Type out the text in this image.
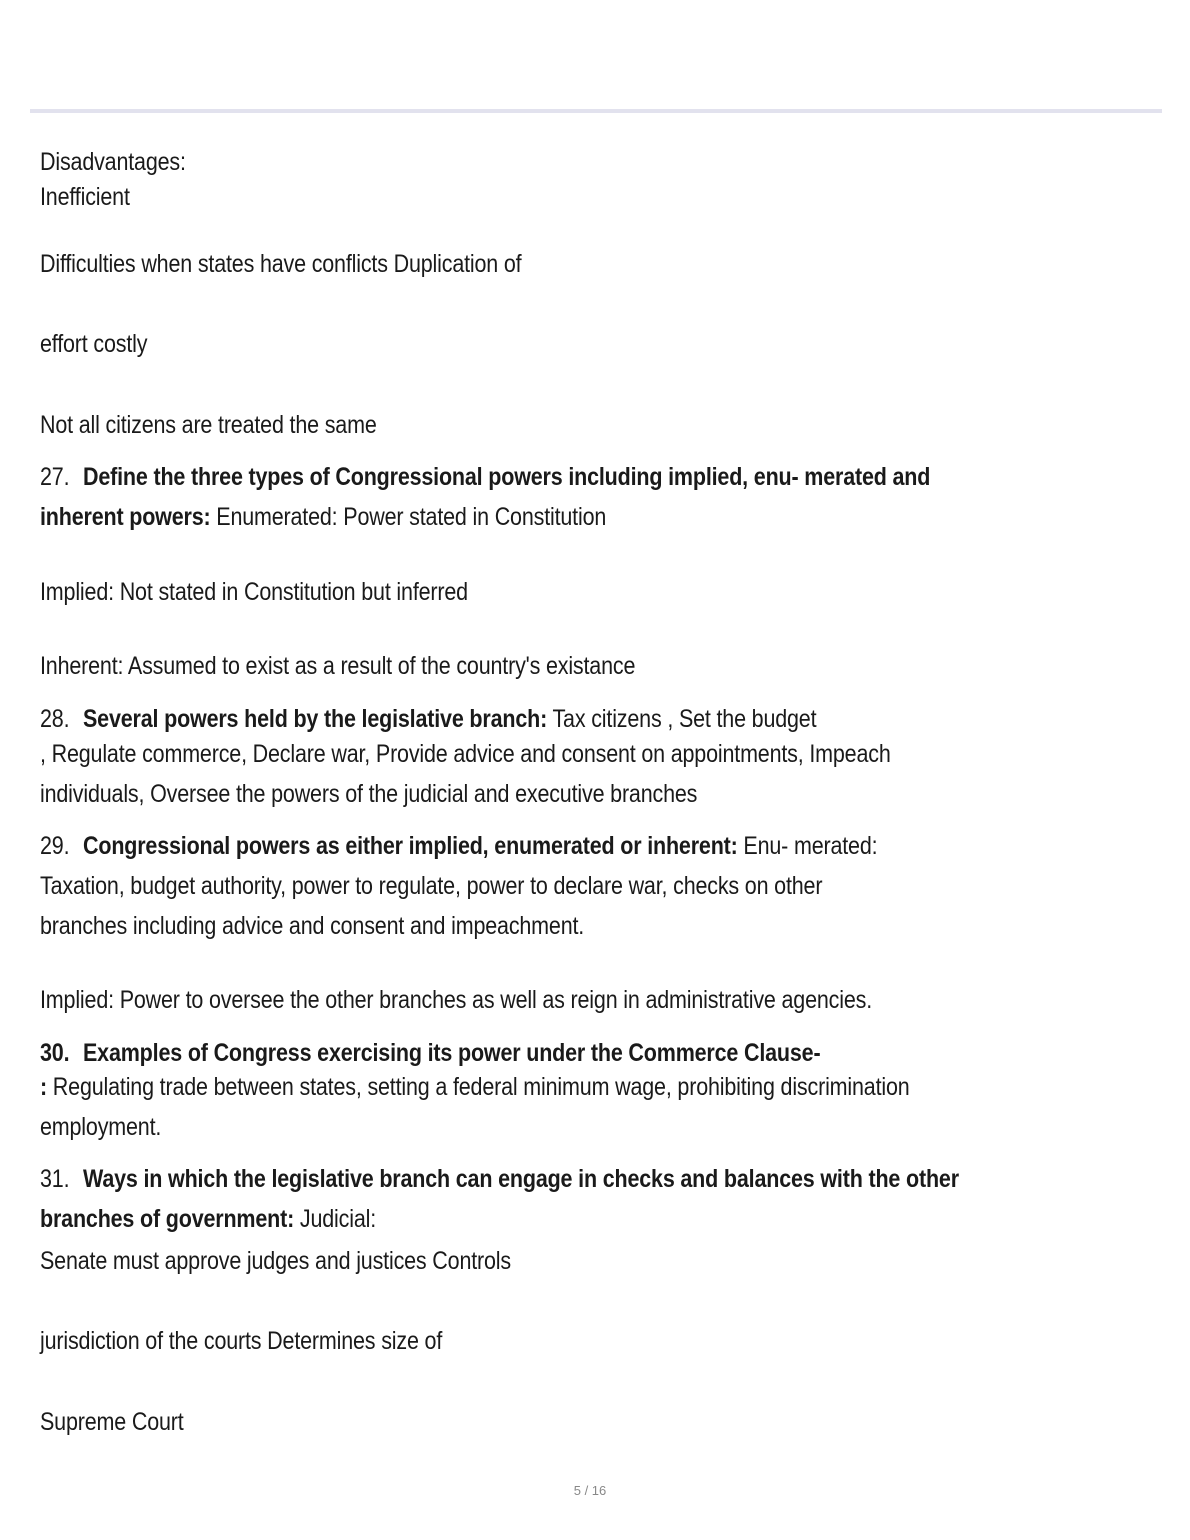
Disadvantages:
Inefficient
Difficulties when states have conflicts Duplication of
effort costly
Not all citizens are treated the same
27. Define the three types of Congressional powers including implied, enu- merated and
inherent powers: Enumerated: Power stated in Constitution
Implied: Not stated in Constitution but inferred
Inherent: Assumed to exist as a result of the country's existance
28. Several powers held by the legislative branch: Tax citizens , Set the budget
, Regulate commerce, Declare war, Provide advice and consent on appointments, Impeach
individuals, Oversee the powers of the judicial and executive branches
29. Congressional powers as either implied, enumerated or inherent: Enu- merated:
Taxation, budget authority, power to regulate, power to declare war, checks on other
branches including advice and consent and impeachment.
Implied: Power to oversee the other branches as well as reign in administrative agencies.
30. Examples of Congress exercising its power under the Commerce Clause-
: Regulating trade between states, setting a federal minimum wage, prohibiting discrimination
employment.
31. Ways in which the legislative branch can engage in checks and balances with the other
branches of government: Judicial:
Senate must approve judges and justices Controls
jurisdiction of the courts Determines size of
Supreme Court
5 / 16
